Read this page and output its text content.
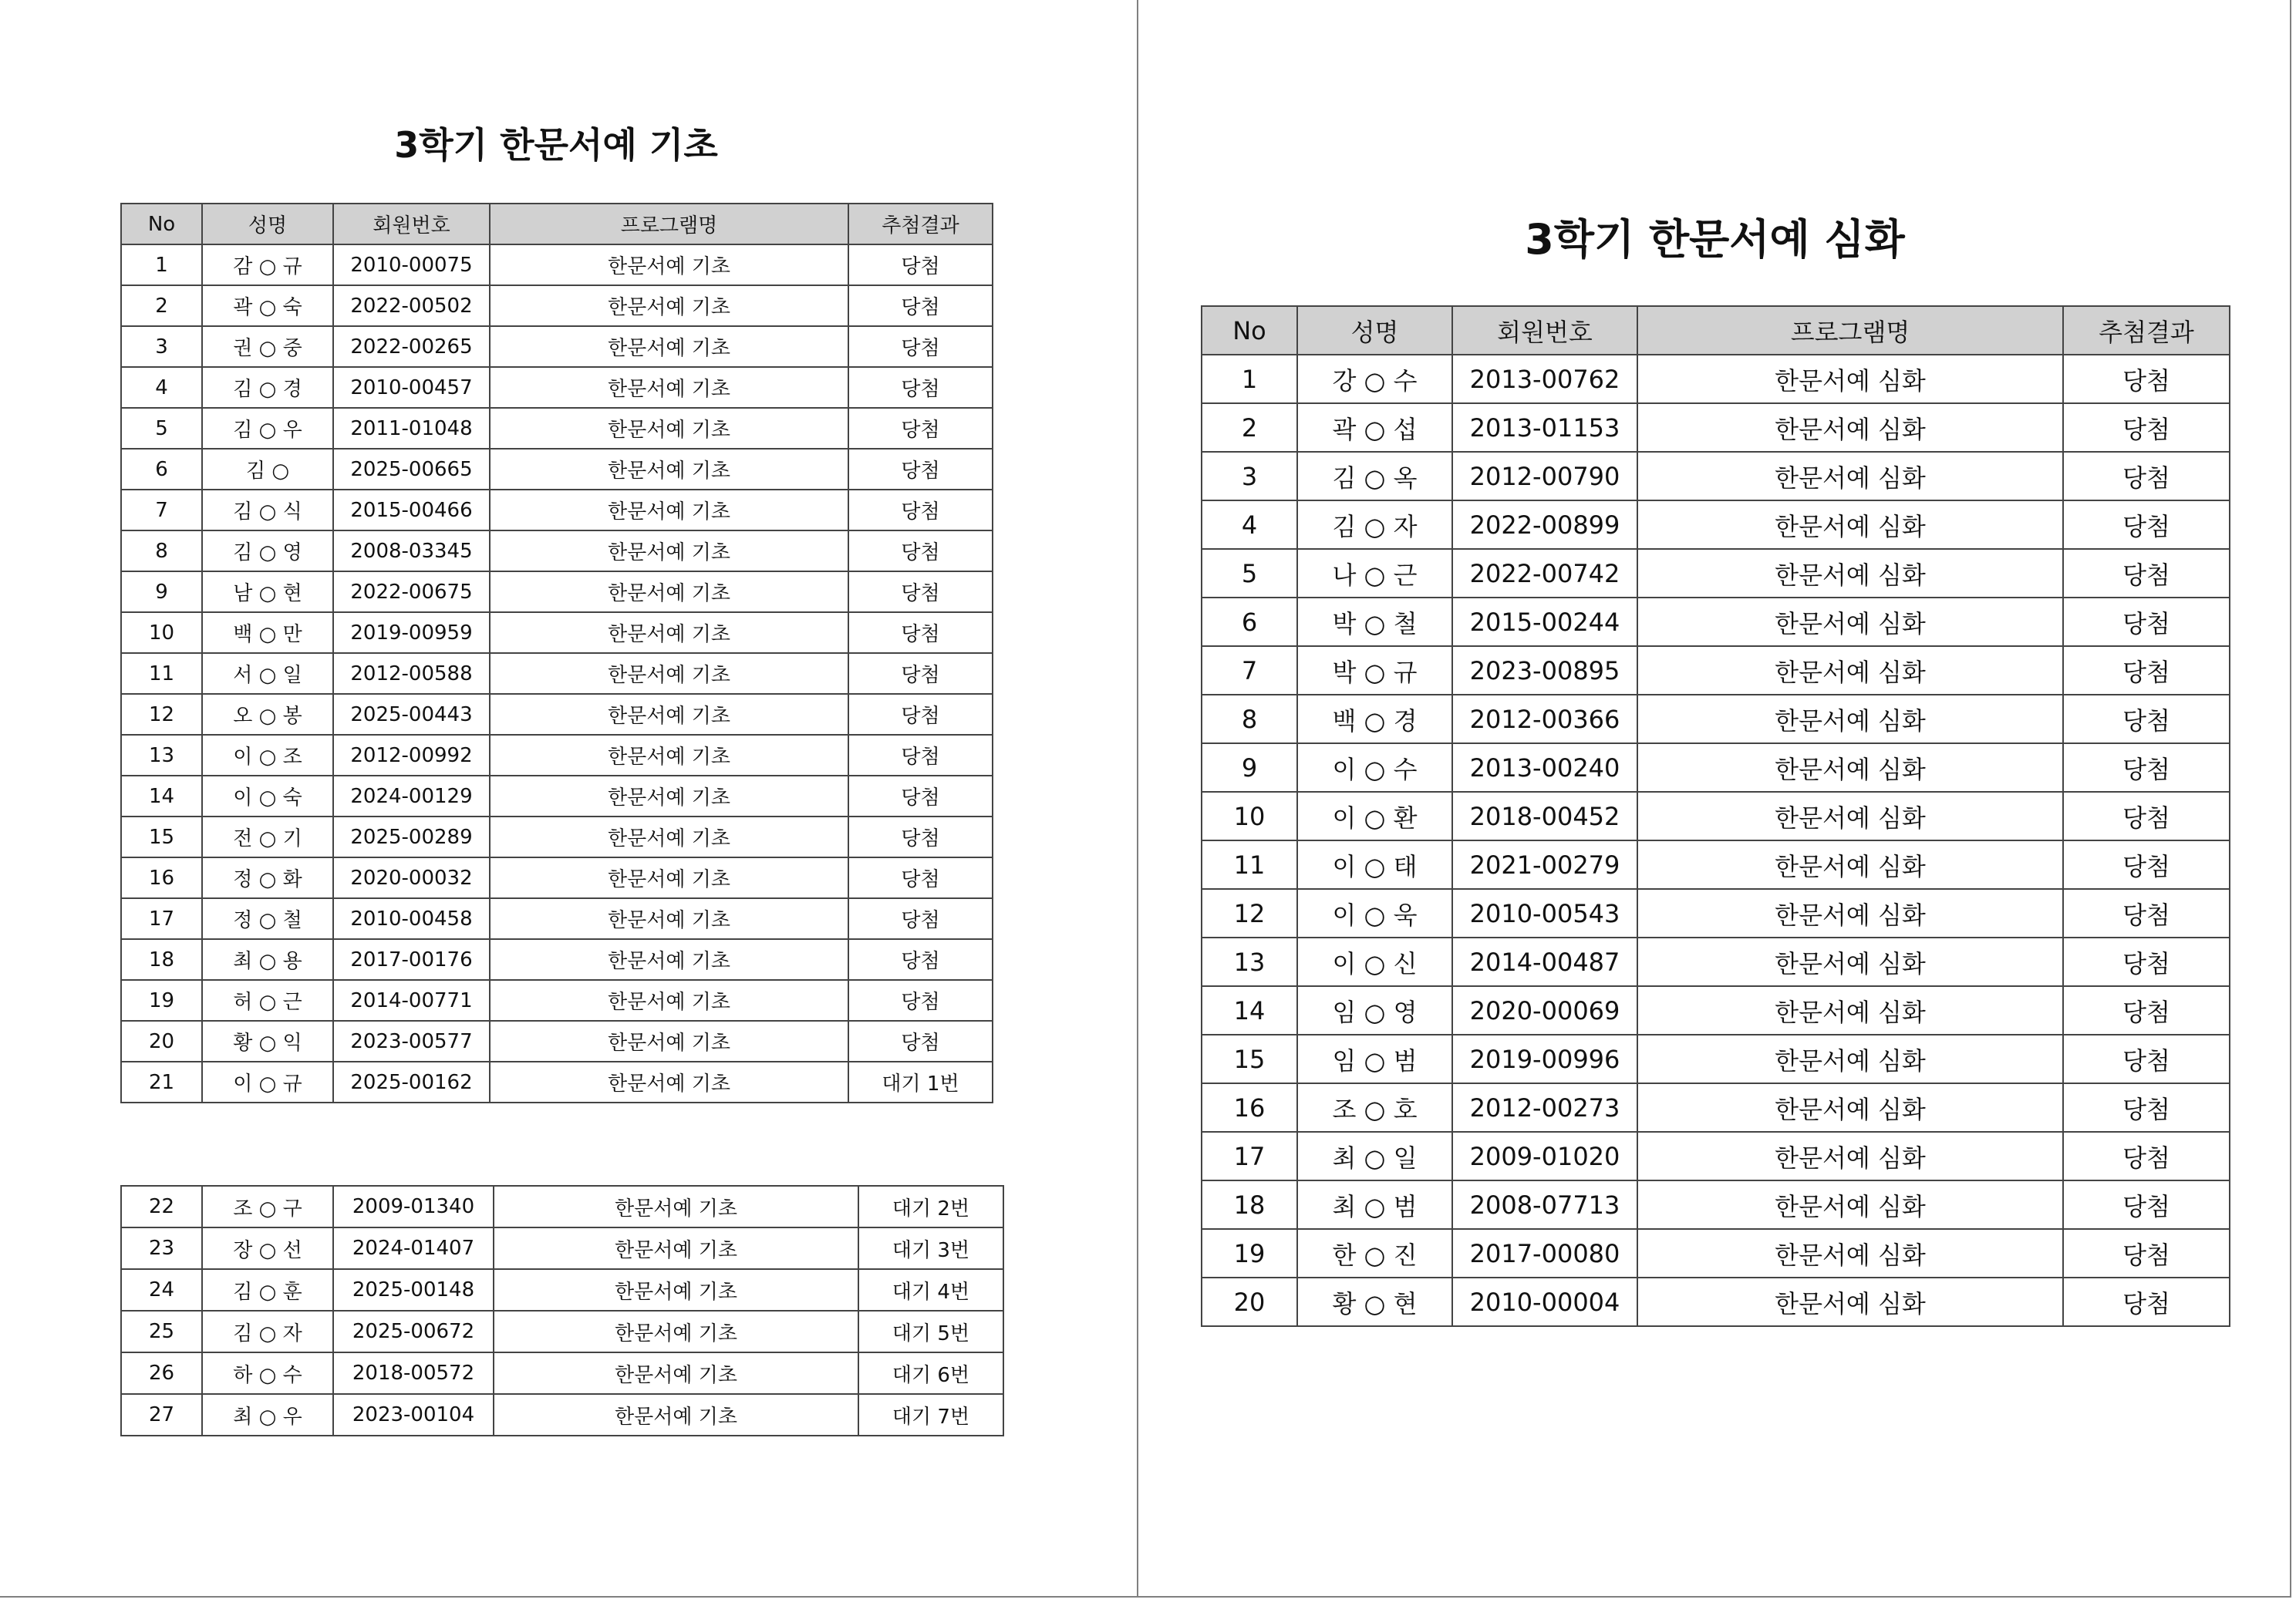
3학기 한문서예 기초
No	성명	회원번호	프로그램명	추첨결과
1	감 ○ 규	2010-00075	한문서예 기초	당첨
2	곽 ○ 숙	2022-00502	한문서예 기초	당첨
3	권 ○ 중	2022-00265	한문서예 기초	당첨
4	김 ○ 경	2010-00457	한문서예 기초	당첨
5	김 ○ 우	2011-01048	한문서예 기초	당첨
6	김 ○	2025-00665	한문서예 기초	당첨
7	김 ○ 식	2015-00466	한문서예 기초	당첨
8	김 ○ 영	2008-03345	한문서예 기초	당첨
9	남 ○ 현	2022-00675	한문서예 기초	당첨
10	백 ○ 만	2019-00959	한문서예 기초	당첨
11	서 ○ 일	2012-00588	한문서예 기초	당첨
12	오 ○ 봉	2025-00443	한문서예 기초	당첨
13	이 ○ 조	2012-00992	한문서예 기초	당첨
14	이 ○ 숙	2024-00129	한문서예 기초	당첨
15	전 ○ 기	2025-00289	한문서예 기초	당첨
16	정 ○ 화	2020-00032	한문서예 기초	당첨
17	정 ○ 철	2010-00458	한문서예 기초	당첨
18	최 ○ 용	2017-00176	한문서예 기초	당첨
19	허 ○ 근	2014-00771	한문서예 기초	당첨
20	황 ○ 익	2023-00577	한문서예 기초	당첨
21	이 ○ 규	2025-00162	한문서예 기초	대기 1번
22	조 ○ 구	2009-01340	한문서예 기초	대기 2번
23	장 ○ 선	2024-01407	한문서예 기초	대기 3번
24	김 ○ 훈	2025-00148	한문서예 기초	대기 4번
25	김 ○ 자	2025-00672	한문서예 기초	대기 5번
26	하 ○ 수	2018-00572	한문서예 기초	대기 6번
27	최 ○ 우	2023-00104	한문서예 기초	대기 7번
3학기 한문서예 심화
No	성명	회원번호	프로그램명	추첨결과
1	강 ○ 수	2013-00762	한문서예 심화	당첨
2	곽 ○ 섭	2013-01153	한문서예 심화	당첨
3	김 ○ 옥	2012-00790	한문서예 심화	당첨
4	김 ○ 자	2022-00899	한문서예 심화	당첨
5	나 ○ 근	2022-00742	한문서예 심화	당첨
6	박 ○ 철	2015-00244	한문서예 심화	당첨
7	박 ○ 규	2023-00895	한문서예 심화	당첨
8	백 ○ 경	2012-00366	한문서예 심화	당첨
9	이 ○ 수	2013-00240	한문서예 심화	당첨
10	이 ○ 환	2018-00452	한문서예 심화	당첨
11	이 ○ 태	2021-00279	한문서예 심화	당첨
12	이 ○ 욱	2010-00543	한문서예 심화	당첨
13	이 ○ 신	2014-00487	한문서예 심화	당첨
14	임 ○ 영	2020-00069	한문서예 심화	당첨
15	임 ○ 범	2019-00996	한문서예 심화	당첨
16	조 ○ 호	2012-00273	한문서예 심화	당첨
17	최 ○ 일	2009-01020	한문서예 심화	당첨
18	최 ○ 범	2008-07713	한문서예 심화	당첨
19	한 ○ 진	2017-00080	한문서예 심화	당첨
20	황 ○ 현	2010-00004	한문서예 심화	당첨
